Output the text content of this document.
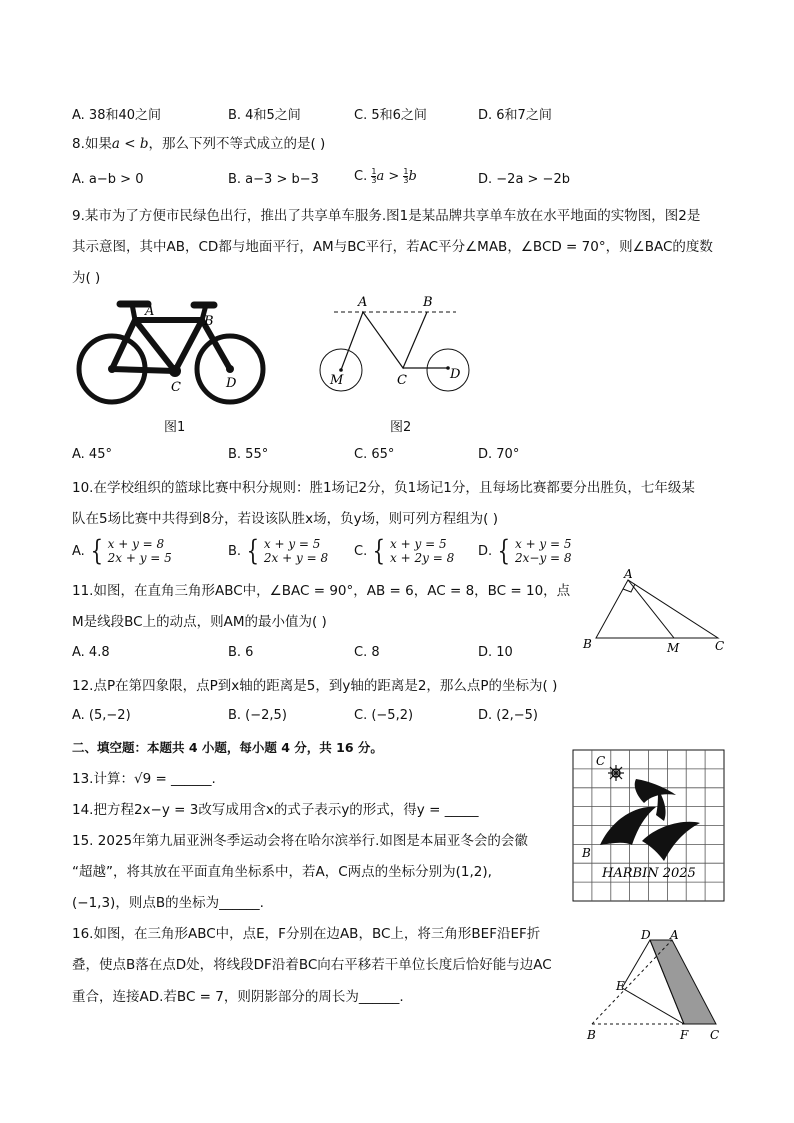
A. 38和40之间	B. 4和5之间	C. 5和6之间	D. 6和7之间
8.如果a < b，那么下列不等式成立的是( )
A. a−b > 0	B. a−3 > b−3	C. $\frac{1}{3}$ $a > \frac{1}{3}$ b	D. −2a > −2b
9.某市为了方便市民绿色出行，推出了共享单车服务.图1是某品牌共享单车放在水平地面的实物图，图2是
其示意图，其中AB，CD都与地面平行，AM与BC平行，若AC平分∠MAB，∠BCD = 70°，则∠BAC的度数
为( )
A
B
C	D
图1
A	B
C	D
M
图2
A. 45°	B. 55°	C. 65°	D. 70°
10.在学校组织的篮球比赛中积分规则：胜1场记2分，负1场记1分，且每场比赛都要分出胜负，七年级某
队在5场比赛中共得到8分，若设该队胜x场，负y场，则可列方程组为( )
A. { x + y = 8
2x + y = 5	B. { x + y = 5
2x + y = 8 C. { x + y = 5
x + 2y = 8 D. { x + y = 5
2x−y = 8
11.如图，在直角三角形ABC中，∠BAC = 90°，AB = 6，AC = 8，BC = 10，点
M是线段BC上的动点，则AM的最小值为( )
A
B	C
M
A. 4.8	B. 6	C. 8	D. 10
12.点P在第四象限，点P到x轴的距离是5，到y轴的距离是2，那么点P的坐标为( )
A. (5,−2)	B. (−2,5)	C. (−5,2)	D. (2,−5)
二、填空题：本题共 4 小题，每小题 4 分，共 16 分。
13.计算：√9 = ______.
14.把方程2x−y = 3改写成用含x的式子表示y的形式，得y = _____
15. 2025年第九届亚洲冬季运动会将在哈尔滨举行.如图是本届亚冬会的会徽
“超越”，将其放在平面直角坐标系中，若A，C两点的坐标分别为(1,2),
(−1,3)，则点B的坐标为______.
C
B
HARBIN 2025
16.如图，在三角形ABC中，点E，F分别在边AB，BC上，将三角形BEF沿EF折
叠，使点B落在点D处，将线段DF沿着BC向右平移若干单位长度后恰好能与边AC
重合，连接AD.若BC = 7，则阴影部分的周长为______.
D A
E
B	F C
